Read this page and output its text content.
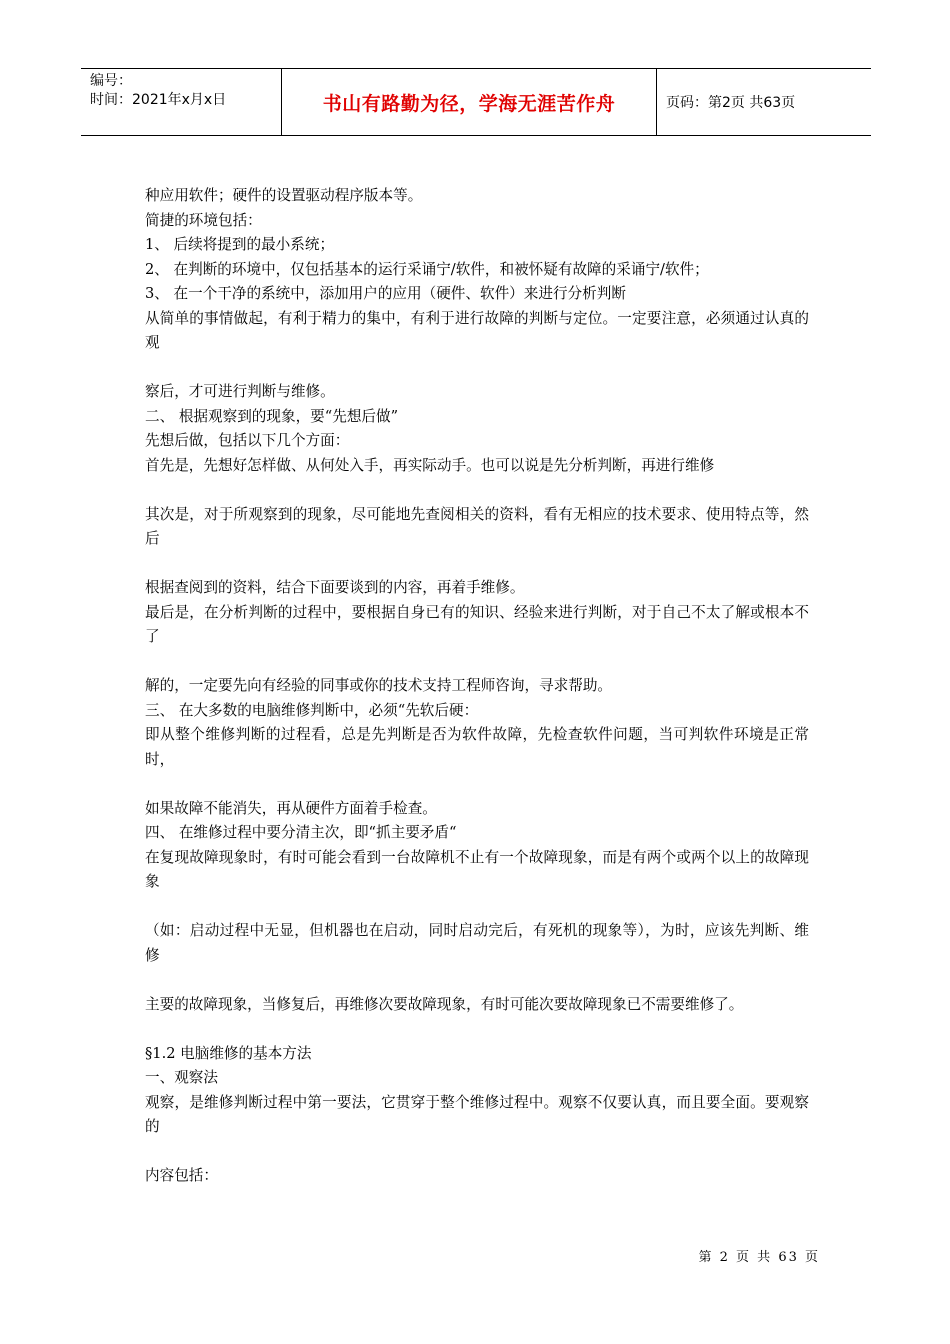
编号：
时间：2021年x月x日	书山有路勤为径，学海无涯苦作舟	页码：第2页 共63页

种应用软件；硬件的设置驱动程序版本等。

简捷的环境包括：

1、 后续将提到的最小系统；

2、 在判断的环境中，仅包括基本的运行采诵宁/软件，和被怀疑有故障的采诵宁/软件；

3、 在一个干净的系统中，添加用户的应用（硬件、软件）来进行分析判断

从简单的事情做起，有利于精力的集中，有利于进行故障的判断与定位。一定要注意，必须通过认真的观

察后，才可进行判断与维修。

二、 根据观察到的现象，要“先想后做”

先想后做，包括以下几个方面：

首先是，先想好怎样做、从何处入手，再实际动手。也可以说是先分析判断，再进行维修

其次是，对于所观察到的现象，尽可能地先查阅相关的资料，看有无相应的技术要求、使用特点等，然后

根据查阅到的资料，结合下面要谈到的内容，再着手维修。

最后是，在分析判断的过程中，要根据自身已有的知识、经验来进行判断，对于自己不太了解或根本不了

解的，一定要先向有经验的同事或你的技术支持工程师咨询，寻求帮助。

三、 在大多数的电脑维修判断中，必须“先软后硬：

即从整个维修判断的过程看，总是先判断是否为软件故障，先检查软件问题，当可判软件环境是正常时，

如果故障不能消失，再从硬件方面着手检查。

四、 在维修过程中要分清主次，即“抓主要矛盾“

在复现故障现象时，有时可能会看到一台故障机不止有一个故障现象，而是有两个或两个以上的故障现象

（如：启动过程中无显，但机器也在启动，同时启动完后，有死机的现象等），为时，应该先判断、维修

主要的故障现象，当修复后，再维修次要故障现象，有时可能次要故障现象已不需要维修了。

§1.2 电脑维修的基本方法

一、观察法

观察，是维修判断过程中第一要法，它贯穿于整个维修过程中。观察不仅要认真，而且要全面。要观察的

内容包括：

第 2 页 共 63 页
